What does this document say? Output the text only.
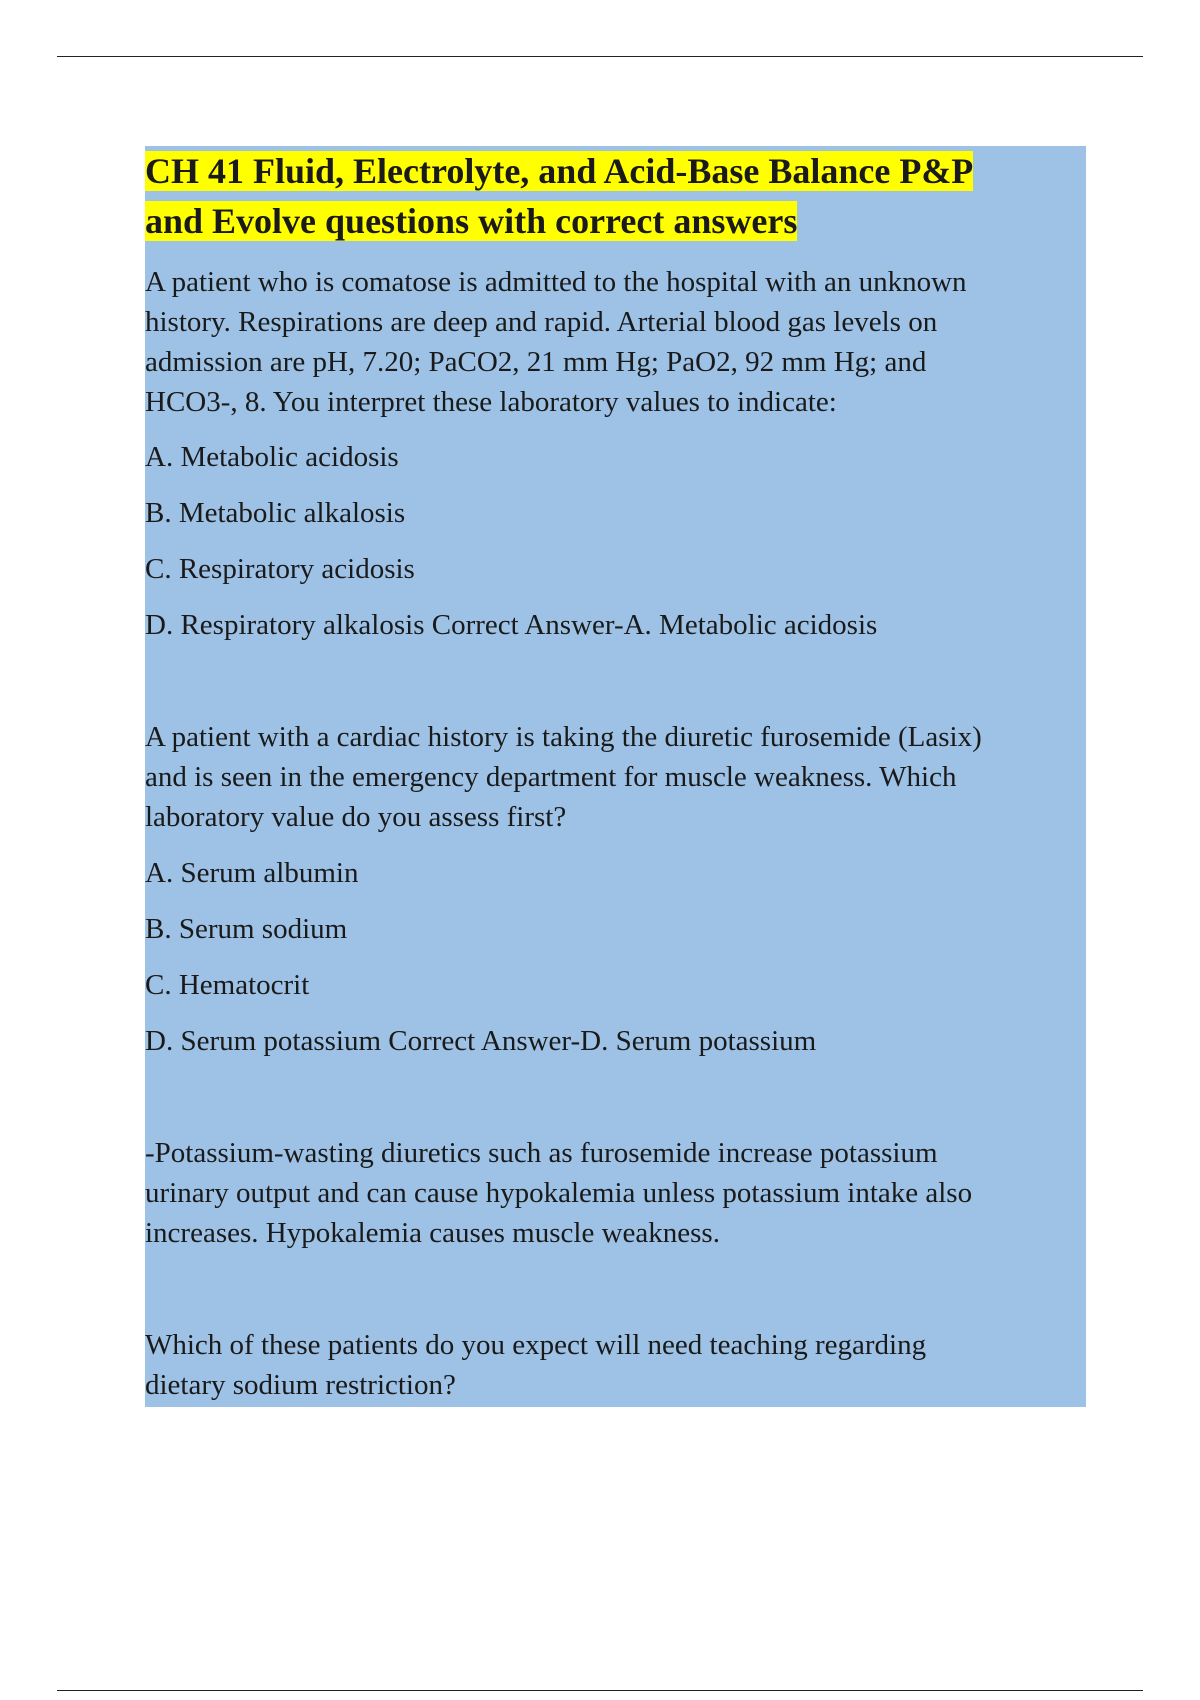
CH 41 Fluid, Electrolyte, and Acid-Base Balance P&P
and Evolve questions with correct answers

A patient who is comatose is admitted to the hospital with an unknown

history. Respirations are deep and rapid. Arterial blood gas levels on

admission are pH, 7.20; PaCO2, 21 mm Hg; PaO2, 92 mm Hg; and

HCO3-, 8. You interpret these laboratory values to indicate:

A. Metabolic acidosis

B. Metabolic alkalosis

C. Respiratory acidosis

D. Respiratory alkalosis Correct Answer-A. Metabolic acidosis

A patient with a cardiac history is taking the diuretic furosemide (Lasix)

and is seen in the emergency department for muscle weakness. Which

laboratory value do you assess first?

A. Serum albumin

B. Serum sodium

C. Hematocrit

D. Serum potassium Correct Answer-D. Serum potassium

-Potassium-wasting diuretics such as furosemide increase potassium

urinary output and can cause hypokalemia unless potassium intake also

increases. Hypokalemia causes muscle weakness.

Which of these patients do you expect will need teaching regarding

dietary sodium restriction?
